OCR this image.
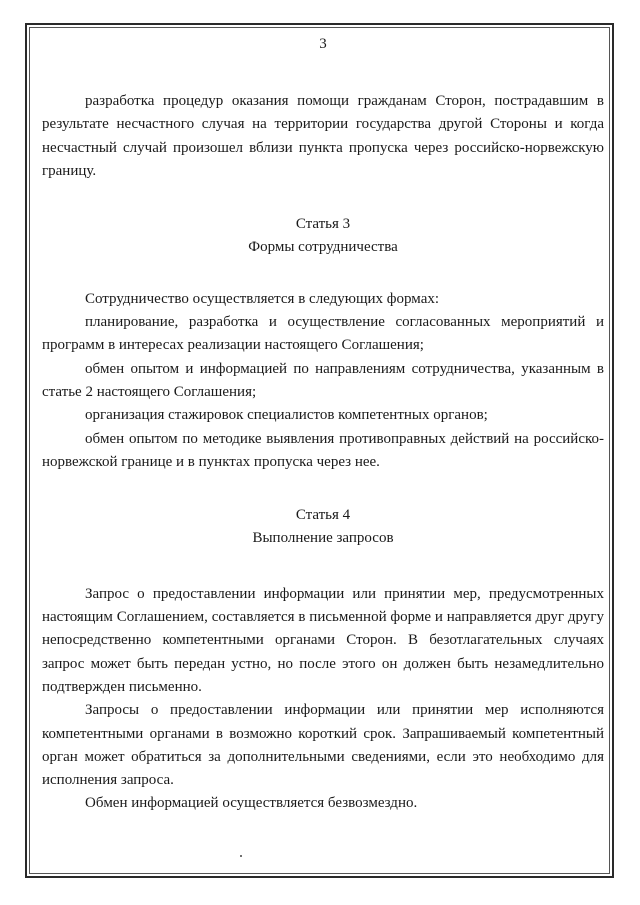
3

разработка процедур оказания помощи гражданам Сторон, пострадавшим в результате несчастного случая на территории государства другой Стороны и когда несчастный случай произошел вблизи пункта пропуска через российско-норвежскую границу.

Статья 3

Формы сотрудничества

Сотрудничество осуществляется в следующих формах:

планирование, разработка и осуществление согласованных мероприятий и программ в интересах реализации настоящего Соглашения;

обмен опытом и информацией по направлениям сотрудничества, указанным в статье 2 настоящего Соглашения;

организация стажировок специалистов компетентных органов;

обмен опытом по методике выявления противоправных действий на российско-норвежской границе и в пунктах пропуска через нее.

Статья 4

Выполнение запросов

Запрос о предоставлении информации или принятии мер, предусмотренных настоящим Соглашением, составляется в письменной форме и направляется друг другу непосредственно компетентными органами Сторон. В безотлагательных случаях запрос может быть передан устно, но после этого он должен быть незамедлительно подтвержден письменно.

Запросы о предоставлении информации или принятии мер исполняются компетентными органами в возможно короткий срок. Запрашиваемый компетентный орган может обратиться за дополнительными сведениями, если это необходимо для исполнения запроса.

Обмен информацией осуществляется безвозмездно.
